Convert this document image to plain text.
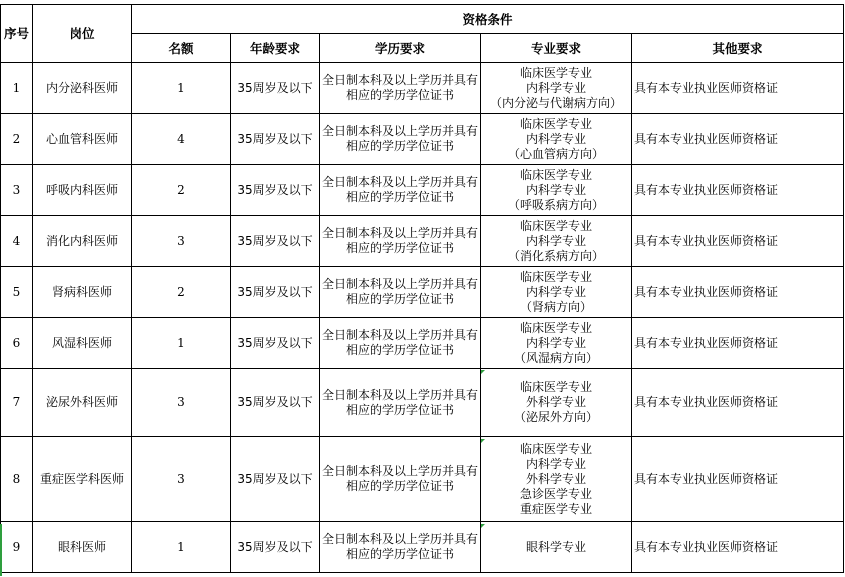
序号	岗位	资格条件				
		名额	年龄要求	学历要求	专业要求	其他要求
1	内分泌科医师	1	35周岁及以下	全日制本科及以上学历并具有相应的学历学位证书	临床医学专业
内科学专业
（内分泌与代谢病方向）	具有本专业执业医师资格证
2	心血管科医师	4	35周岁及以下	全日制本科及以上学历并具有相应的学历学位证书	临床医学专业
内科学专业
（心血管病方向）	具有本专业执业医师资格证
3	呼吸内科医师	2	35周岁及以下	全日制本科及以上学历并具有相应的学历学位证书	临床医学专业
内科学专业
（呼吸系病方向）	具有本专业执业医师资格证
4	消化内科医师	3	35周岁及以下	全日制本科及以上学历并具有相应的学历学位证书	临床医学专业
内科学专业
（消化系病方向）	具有本专业执业医师资格证
5	肾病科医师	2	35周岁及以下	全日制本科及以上学历并具有相应的学历学位证书	临床医学专业
内科学专业
（肾病方向）	具有本专业执业医师资格证
6	风湿科医师	1	35周岁及以下	全日制本科及以上学历并具有相应的学历学位证书	临床医学专业
内科学专业
（风湿病方向）	具有本专业执业医师资格证
7	泌尿外科医师	3	35周岁及以下	全日制本科及以上学历并具有相应的学历学位证书	临床医学专业
外科学专业
（泌尿外方向）	具有本专业执业医师资格证
8	重症医学科医师	3	35周岁及以下	全日制本科及以上学历并具有相应的学历学位证书	临床医学专业
内科学专业
外科学专业
急诊医学专业
重症医学专业	具有本专业执业医师资格证
9	眼科医师	1	35周岁及以下	全日制本科及以上学历并具有相应的学历学位证书	眼科学专业	具有本专业执业医师资格证
